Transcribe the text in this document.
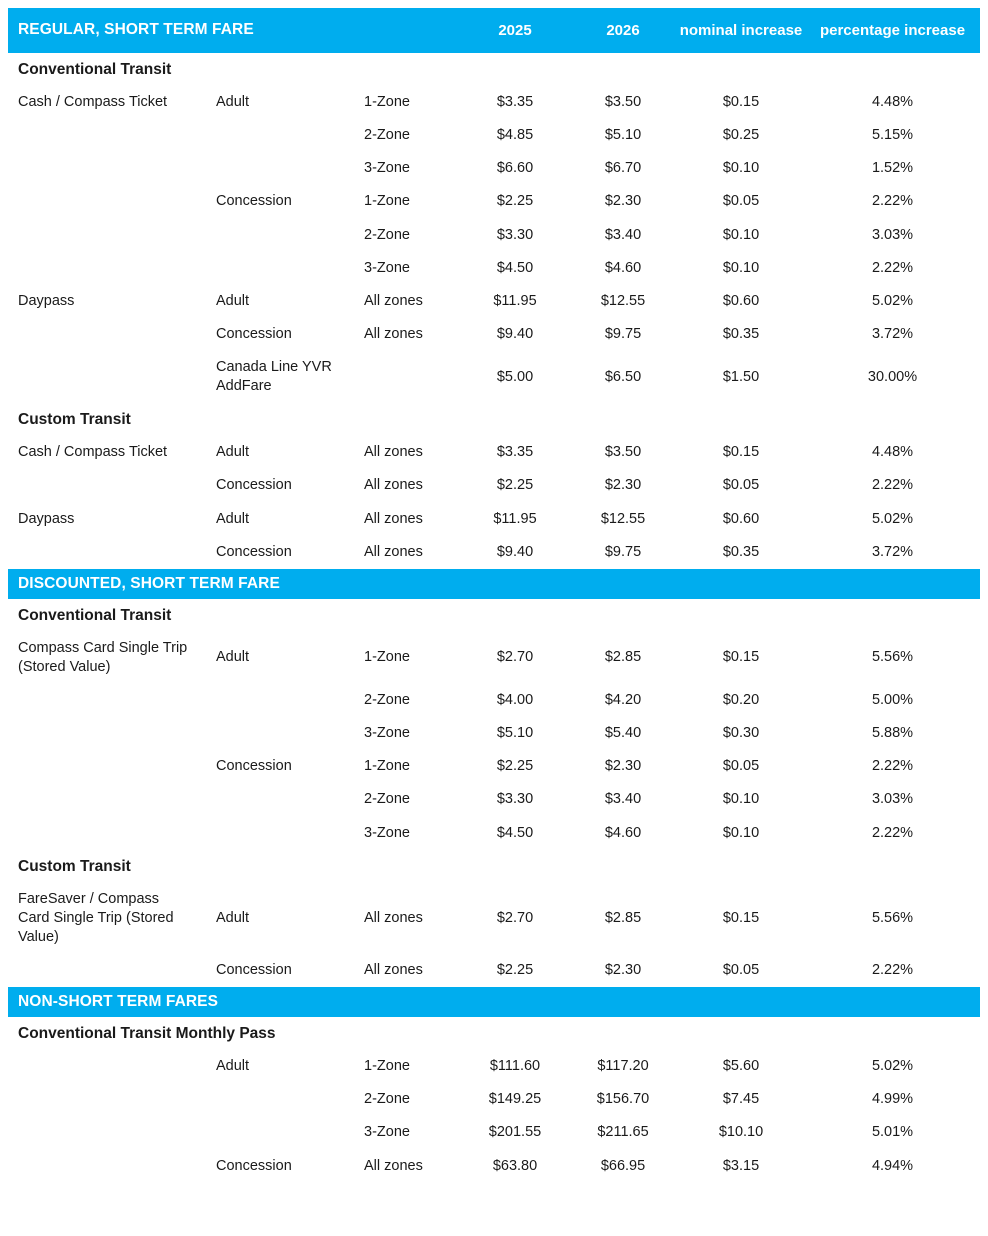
REGULAR, SHORT TERM FARE			2025	2026	nominal increase	percentage increase
Conventional Transit						
Cash / Compass Ticket	Adult	1-Zone	$3.35	$3.50	$0.15	4.48%
		2-Zone	$4.85	$5.10	$0.25	5.15%
		3-Zone	$6.60	$6.70	$0.10	1.52%
	Concession	1-Zone	$2.25	$2.30	$0.05	2.22%
		2-Zone	$3.30	$3.40	$0.10	3.03%
		3-Zone	$4.50	$4.60	$0.10	2.22%
Daypass	Adult	All zones	$11.95	$12.55	$0.60	5.02%
	Concession	All zones	$9.40	$9.75	$0.35	3.72%
	Canada Line YVR AddFare		$5.00	$6.50	$1.50	30.00%
Custom Transit						
Cash / Compass Ticket	Adult	All zones	$3.35	$3.50	$0.15	4.48%
	Concession	All zones	$2.25	$2.30	$0.05	2.22%
Daypass	Adult	All zones	$11.95	$12.55	$0.60	5.02%
	Concession	All zones	$9.40	$9.75	$0.35	3.72%
DISCOUNTED, SHORT TERM FARE						
Conventional Transit						
Compass Card Single Trip (Stored Value)	Adult	1-Zone	$2.70	$2.85	$0.15	5.56%
		2-Zone	$4.00	$4.20	$0.20	5.00%
		3-Zone	$5.10	$5.40	$0.30	5.88%
	Concession	1-Zone	$2.25	$2.30	$0.05	2.22%
		2-Zone	$3.30	$3.40	$0.10	3.03%
		3-Zone	$4.50	$4.60	$0.10	2.22%
Custom Transit						
FareSaver / Compass Card Single Trip (Stored Value)	Adult	All zones	$2.70	$2.85	$0.15	5.56%
	Concession	All zones	$2.25	$2.30	$0.05	2.22%
NON-SHORT TERM FARES						
Conventional Transit Monthly Pass						
	Adult	1-Zone	$111.60	$117.20	$5.60	5.02%
		2-Zone	$149.25	$156.70	$7.45	4.99%
		3-Zone	$201.55	$211.65	$10.10	5.01%
	Concession	All zones	$63.80	$66.95	$3.15	4.94%
